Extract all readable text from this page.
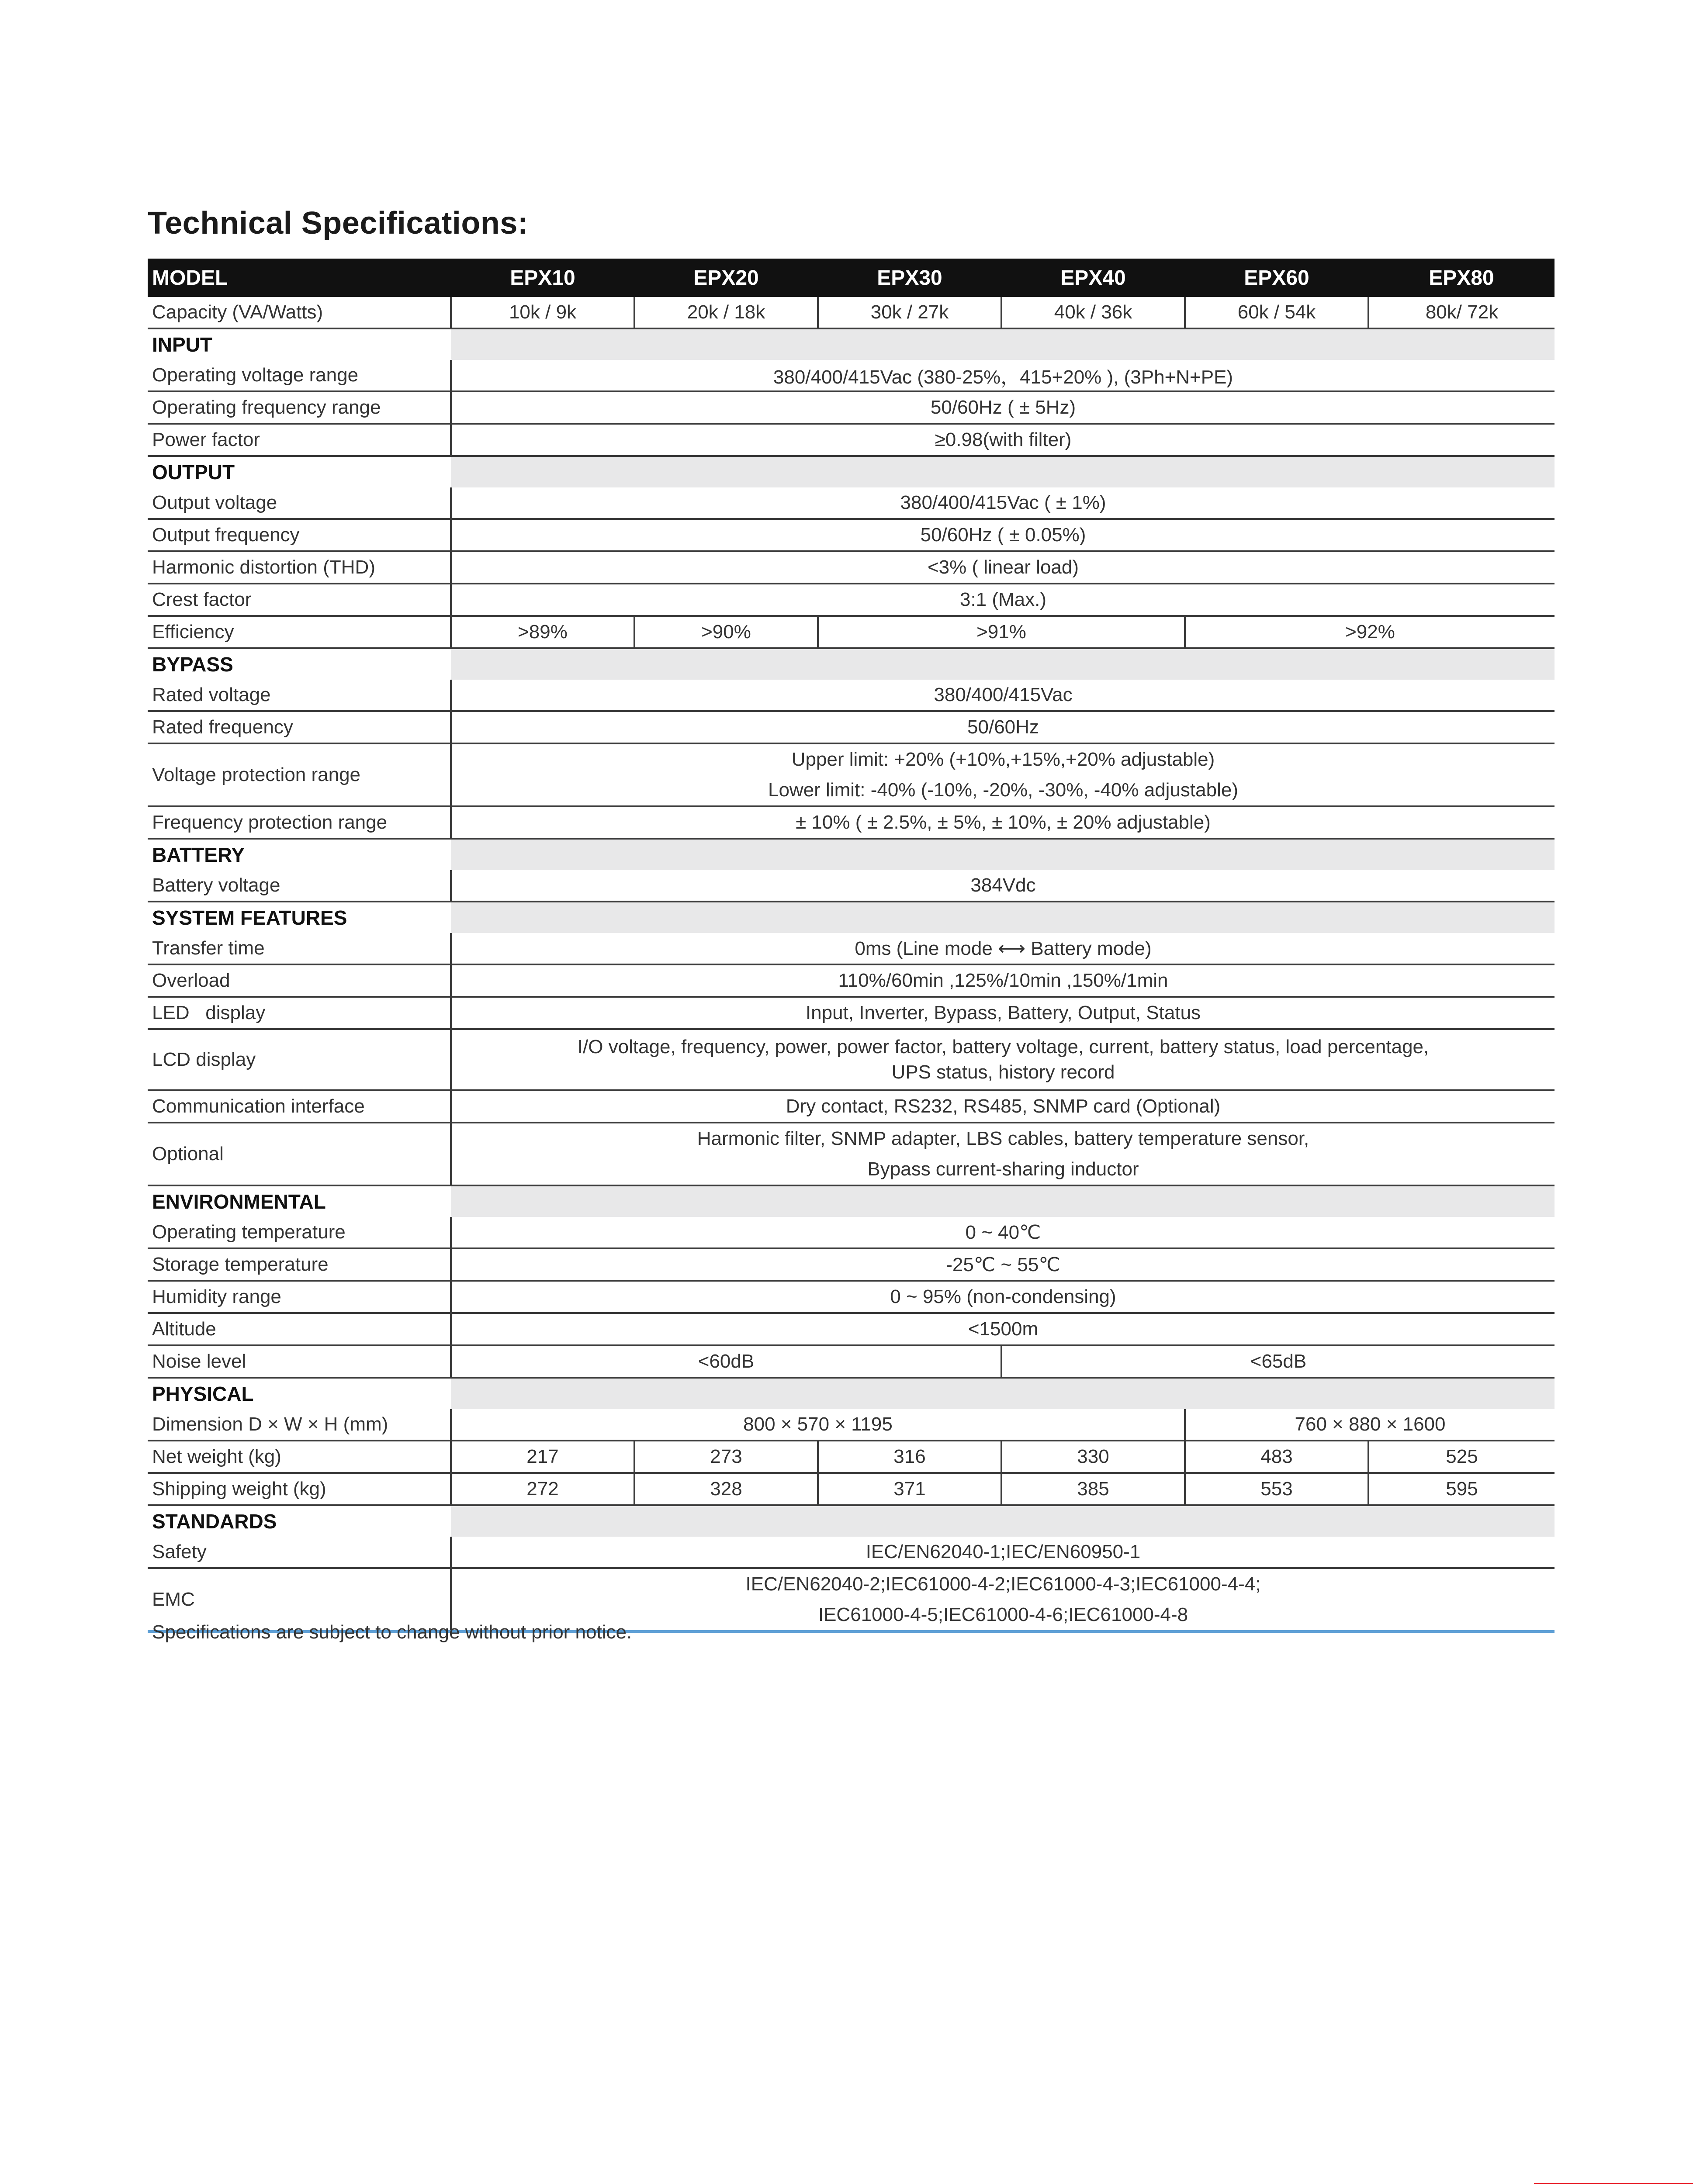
Technical Specifications:
MODEL	EPX10	EPX20	EPX30	EPX40	EPX60	EPX80
Capacity (VA/Watts)	10k / 9k	20k / 18k	30k / 27k	40k / 36k	60k / 54k	80k/ 72k
INPUT						
Operating voltage range	380/400/415Vac (380-25%，415+20% ), (3Ph+N+PE)					
Operating frequency range	50/60Hz ( ± 5Hz)					
Power factor	≥0.98(with filter)					
OUTPUT						
Output voltage	380/400/415Vac ( ± 1%)					
Output frequency	50/60Hz ( ± 0.05%)					
Harmonic distortion (THD)	<3% ( linear load)					
Crest factor	3:1 (Max.)					
Efficiency	>89%	>90%	>91%		>92%	
BYPASS						
Rated voltage	380/400/415Vac					
Rated frequency	50/60Hz					
Voltage protection range	Upper limit: +20% (+10%,+15%,+20% adjustable)
Lower limit: -40% (-10%, -20%, -30%, -40% adjustable)					

Frequency protection range	± 10% ( ± 2.5%, ± 5%, ± 10%, ± 20% adjustable)					
BATTERY						
Battery voltage	384Vdc					
SYSTEM FEATURES						
Transfer time	0ms (Line mode ⟷ Battery mode)					
Overload	110%/60min ,125%/10min ,150%/1min					
LED   display	Input, Inverter, Bypass, Battery, Output, Status					
LCD display	I/O voltage, frequency, power, power factor, battery voltage, current, battery status, load percentage,
UPS status, history record					

Communication interface	Dry contact, RS232, RS485, SNMP card (Optional)					
Optional	Harmonic filter, SNMP adapter, LBS cables, battery temperature sensor,
Bypass current-sharing inductor					

ENVIRONMENTAL						
Operating temperature	0 ~ 40℃					
Storage temperature	-25℃ ~ 55℃					
Humidity range	0 ~ 95% (non-condensing)					
Altitude	<1500m					
Noise level	<60dB			<65dB		
PHYSICAL						
Dimension D × W × H (mm)	800 × 570 × 1195				760 × 880 × 1600	
Net weight (kg)	217	273	316	330	483	525
Shipping weight (kg)	272	328	371	385	553	595
STANDARDS						
Safety	IEC/EN62040-1;IEC/EN60950-1					
EMC	IEC/EN62040-2;IEC61000-4-2;IEC61000-4-3;IEC61000-4-4;
IEC61000-4-5;IEC61000-4-6;IEC61000-4-8					
Specifications are subject to change without prior notice.
